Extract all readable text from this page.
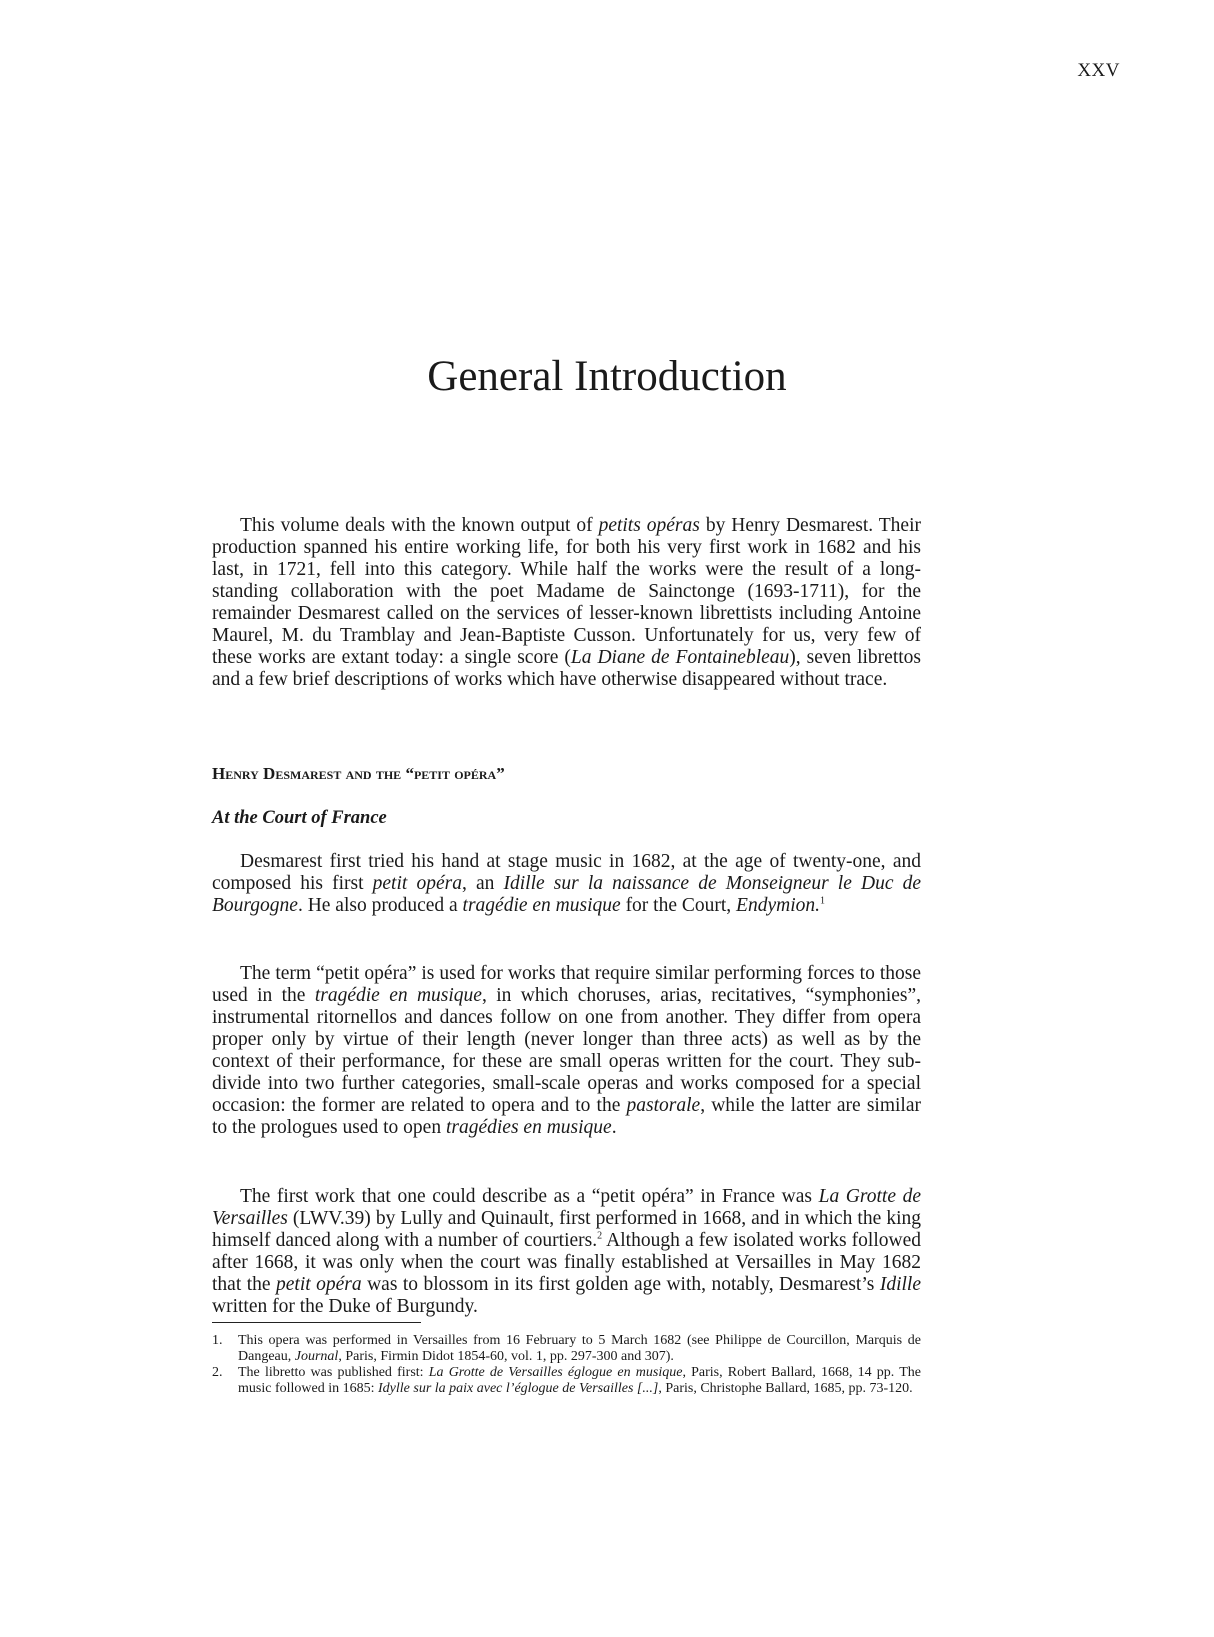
XXV
General Introduction

This volume deals with the known output of petits opéras by Henry Desmarest. Their production spanned his entire working life, for both his very first work in 1682 and his last, in 1721, fell into this category. While half the works were the result of a long-standing collaboration with the poet Madame de Sainctonge (1693-1711), for the remainder Desmarest called on the services of lesser-known librettists including Antoine Maurel, M. du Tramblay and Jean-Baptiste Cusson. Unfortunately for us, very few of these works are extant today: a single score (La Diane de Fontainebleau), seven librettos and a few brief descriptions of works which have otherwise disappeared without trace.

Henry Desmarest and the “petit opéra”
At the Court of France

Desmarest first tried his hand at stage music in 1682, at the age of twenty-one, and composed his first petit opéra, an Idille sur la naissance de Monseigneur le Duc de Bourgogne. He also produced a tragédie en musique for the Court, Endymion.$^1$

The term “petit opéra” is used for works that require similar performing forces to those used in the tragédie en musique, in which choruses, arias, recitatives, “symphonies”, instrumental ritornellos and dances follow on one from another. They differ from opera proper only by virtue of their length (never longer than three acts) as well as by the context of their performance, for these are small operas written for the court. They sub-divide into two further categories, small-scale operas and works composed for a special occasion: the former are related to opera and to the pastorale, while the latter are similar to the prologues used to open tragédies en musique.

The first work that one could describe as a “petit opéra” in France was La Grotte de Versailles (LWV.39) by Lully and Quinault, first performed in 1668, and in which the king himself danced along with a number of courtiers.$^2$ Although a few isolated works followed after 1668, it was only when the court was finally established at Versailles in May 1682 that the petit opéra was to blossom in its first golden age with, notably, Desmarest’s Idille written for the Duke of Burgundy.

1. This opera was performed in Versailles from 16 February to 5 March 1682 (see Philippe de Courcillon, Marquis de Dangeau, Journal, Paris, Firmin Didot 1854-60, vol. 1, pp. 297-300 and 307).
2. The libretto was published first: La Grotte de Versailles églogue en musique, Paris, Robert Ballard, 1668, 14 pp. The music followed in 1685: Idylle sur la paix avec l’églogue de Versailles [...], Paris, Christophe Ballard, 1685, pp. 73-120.
